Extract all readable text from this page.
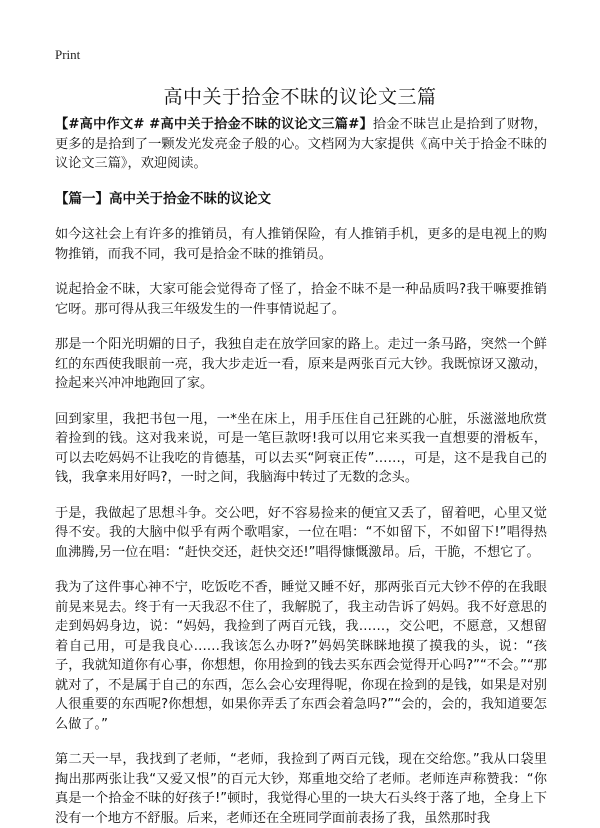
Print
高中关于拾金不昧的议论文三篇

【#高中作文# #高中关于拾金不昧的议论文三篇#】拾金不昧岂止是拾到了财物，更多的是拾到了一颗发光发亮金子般的心。文档网为大家提供《高中关于拾金不昧的议论文三篇》，欢迎阅读。

【篇一】高中关于拾金不昧的议论文

如今这社会上有许多的推销员，有人推销保险，有人推销手机，更多的是电视上的购物推销，而我不同，我可是拾金不昧的推销员。

说起拾金不昧，大家可能会觉得奇了怪了，拾金不昧不是一种品质吗?我干嘛要推销它呀。那可得从我三年级发生的一件事情说起了。

那是一个阳光明媚的日子，我独自走在放学回家的路上。走过一条马路，突然一个鲜红的东西使我眼前一亮，我大步走近一看，原来是两张百元大钞。我既惊讶又激动，捡起来兴冲冲地跑回了家。

回到家里，我把书包一甩，一*坐在床上，用手压住自己狂跳的心脏，乐滋滋地欣赏着捡到的钱。这对我来说，可是一笔巨款呀!我可以用它来买我一直想要的滑板车，可以去吃妈妈不让我吃的肯德基，可以去买“阿衰正传”……，可是，这不是我自己的钱，我拿来用好吗?，一时之间，我脑海中转过了无数的念头。

于是，我做起了思想斗争。交公吧，好不容易捡来的便宜又丢了，留着吧，心里又觉得不安。我的大脑中似乎有两个歌唱家，一位在唱：“不如留下，不如留下!”唱得热血沸腾,另一位在唱：“赶快交还，赶快交还!”唱得慷慨激昂。后，干脆，不想它了。

我为了这件事心神不宁，吃饭吃不香，睡觉又睡不好，那两张百元大钞不停的在我眼前晃来晃去。终于有一天我忍不住了，我解脱了，我主动告诉了妈妈。我不好意思的走到妈妈身边，说：“妈妈，我捡到了两百元钱，我……，交公吧，不愿意，又想留着自己用，可是我良心……我该怎么办呀?”妈妈笑眯眯地摸了摸我的头，说：“孩子，我就知道你有心事，你想想，你用捡到的钱去买东西会觉得开心吗?”“不会。”“那就对了，不是属于自己的东西，怎么会心安理得呢，你现在捡到的是钱，如果是对别人很重要的东西呢?你想想，如果你弄丢了东西会着急吗?”“会的，会的，我知道要怎么做了。”

第二天一早，我找到了老师，“老师，我捡到了两百元钱，现在交给您。”我从口袋里掏出那两张让我“又爱又恨”的百元大钞，郑重地交给了老师。老师连声称赞我：“你真是一个拾金不昧的好孩子!”顿时，我觉得心里的一块大石头终于落了地，全身上下没有一个地方不舒服。后来，老师还在全班同学面前表扬了我，虽然那时我
